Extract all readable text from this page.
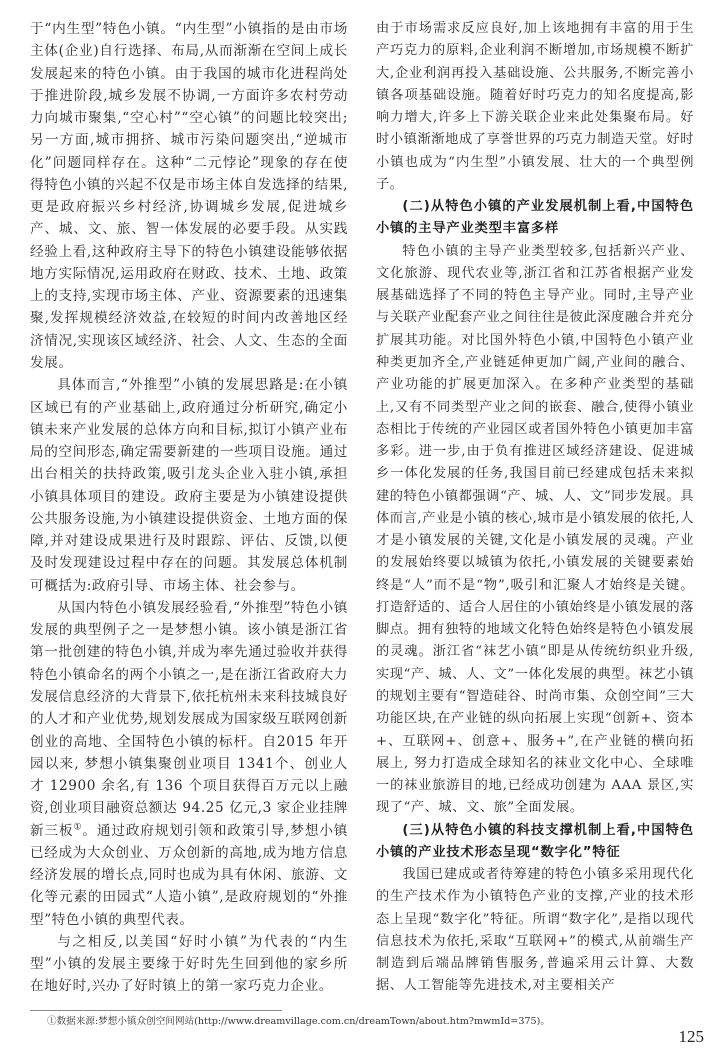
于“内生型”特色小镇。“内生型”小镇指的是由市场主体(企业)自行选择、布局,从而渐渐在空间上成长发展起来的特色小镇。由于我国的城市化进程尚处于推进阶段,城乡发展不协调,一方面许多农村劳动力向城市聚集,“空心村”“空心镇”的问题比较突出;另一方面,城市拥挤、城市污染问题突出,“逆城市化”问题同样存在。这种“二元悖论”现象的存在使得特色小镇的兴起不仅是市场主体自发选择的结果,更是政府振兴乡村经济,协调城乡发展,促进城乡产、城、文、旅、智一体发展的必要手段。从实践经验上看,这种政府主导下的特色小镇建设能够依据地方实际情况,运用政府在财政、技术、土地、政策上的支持,实现市场主体、产业、资源要素的迅速集聚,发挥规模经济效益,在较短的时间内改善地区经济情况,实现该区域经济、社会、人文、生态的全面发展。

具体而言,“外推型”小镇的发展思路是:在小镇区域已有的产业基础上,政府通过分析研究,确定小镇未来产业发展的总体方向和目标,拟订小镇产业布局的空间形态,确定需要新建的一些项目设施。通过出台相关的扶持政策,吸引龙头企业入驻小镇,承担小镇具体项目的建设。政府主要是为小镇建设提供公共服务设施,为小镇建设提供资金、土地方面的保障,并对建设成果进行及时跟踪、评估、反馈,以便及时发现建设过程中存在的问题。其发展总体机制可概括为:政府引导、市场主体、社会参与。

从国内特色小镇发展经验看,“外推型”特色小镇发展的典型例子之一是梦想小镇。该小镇是浙江省第一批创建的特色小镇,并成为率先通过验收并获得特色小镇命名的两个小镇之一,是在浙江省政府大力发展信息经济的大背景下,依托杭州未来科技城良好的人才和产业优势,规划发展成为国家级互联网创新创业的高地、全国特色小镇的标杆。自2015 年开园以来, 梦想小镇集聚创业项目 1341个、创业人才 12900 余名,有 136 个项目获得百万元以上融资,创业项目融资总额达 94.25 亿元,3 家企业挂牌新三板①。通过政府规划引领和政策引导,梦想小镇已经成为大众创业、万众创新的高地,成为地方信息经济发展的增长点,同时也成为具有休闲、旅游、文化等元素的田园式“人造小镇”,是政府规划的“外推型”特色小镇的典型代表。

与之相反,以美国“好时小镇”为代表的“内生型”小镇的发展主要缘于好时先生回到他的家乡所在地好时,兴办了好时镇上的第一家巧克力企业。

由于市场需求反应良好,加上该地拥有丰富的用于生产巧克力的原料,企业利润不断增加,市场规模不断扩大,企业利润再投入基础设施、公共服务,不断完善小镇各项基础设施。随着好时巧克力的知名度提高,影响力增大,许多上下游关联企业来此处集聚布局。好时小镇渐渐地成了享誉世界的巧克力制造天堂。好时小镇也成为“内生型”小镇发展、壮大的一个典型例子。

(二)从特色小镇的产业发展机制上看,中国特色小镇的主导产业类型丰富多样

特色小镇的主导产业类型较多,包括新兴产业、文化旅游、现代农业等,浙江省和江苏省根据产业发展基础选择了不同的特色主导产业。同时,主导产业与关联产业配套产业之间往往是彼此深度融合并充分扩展其功能。对比国外特色小镇,中国特色小镇产业种类更加齐全,产业链延伸更加广阔,产业间的融合、产业功能的扩展更加深入。在多种产业类型的基础上,又有不同类型产业之间的嵌套、融合,使得小镇业态相比于传统的产业园区或者国外特色小镇更加丰富多彩。进一步,由于负有推进区域经济建设、促进城乡一体化发展的任务,我国目前已经建成包括未来拟建的特色小镇都强调“产、城、人、文”同步发展。具体而言,产业是小镇的核心,城市是小镇发展的依托,人才是小镇发展的关键,文化是小镇发展的灵魂。产业的发展始终要以城镇为依托,小镇发展的关键要素始终是“人”而不是“物”,吸引和汇聚人才始终是关键。打造舒适的、适合人居住的小镇始终是小镇发展的落脚点。拥有独特的地域文化特色始终是特色小镇发展的灵魂。浙江省“袜艺小镇”即是从传统纺织业升级,实现“产、城、人、文”一体化发展的典型。袜艺小镇的规划主要有“智造硅谷、时尚市集、众创空间”三大功能区块,在产业链的纵向拓展上实现“创新+、资本+、互联网+、创意+、服务+”,在产业链的横向拓展上, 努力打造成全球知名的袜业文化中心、全球唯一的袜业旅游目的地,已经成功创建为 AAA 景区,实现了“产、城、文、旅”全面发展。

(三)从特色小镇的科技支撑机制上看,中国特色小镇的产业技术形态呈现“数字化”特征

我国已建成或者待筹建的特色小镇多采用现代化的生产技术作为小镇特色产业的支撑,产业的技术形态上呈现“数字化”特征。所谓“数字化”,是指以现代信息技术为依托,采取“互联网+”的模式,从前端生产制造到后端品牌销售服务,普遍采用云计算、大数据、人工智能等先进技术,对主要相关产

①数据来源:梦想小镇众创空间网站(http://www.dreamvillage.com.cn/dreamTown/about.htm?mwmId=375)。
125
